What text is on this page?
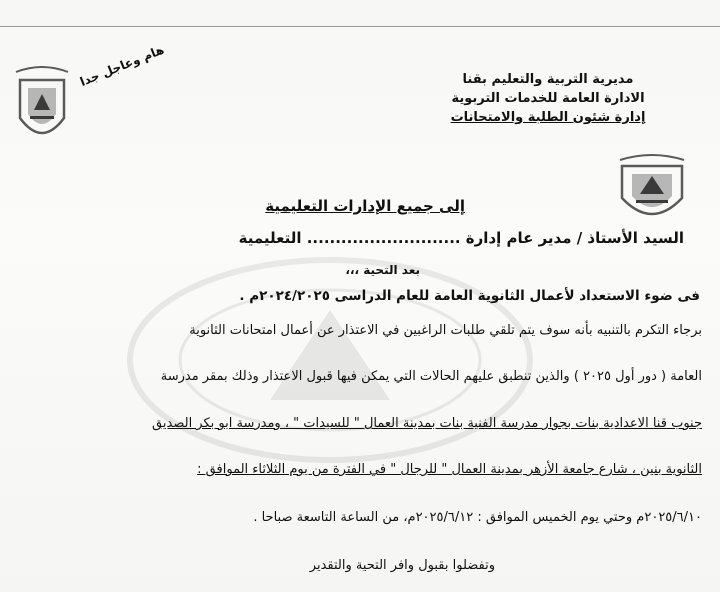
هام وعاجل جدا	مديرية التربية والتعليم بقنا
الادارة العامة للخدمات التربوية
إدارة شئون الطلبة والامتحانات
إلى جميع الإدارات التعليمية
السيد الأستاذ / مدير عام إدارة ........................... التعليمية
بعد التحية ،،،
فى ضوء الاستعداد لأعمال الثانوية العامة للعام الدراسى ٢٠٢٤/٢٠٢٥م .
برجاء التكرم بالتنبيه بأنه سوف يتم تلقي طلبات الراغبين في الاعتذار عن أعمال امتحانات الثانوية
العامة ( دور أول ٢٠٢٥ ) والذين تنطبق عليهم الحالات التي يمكن فيها قبول الاعتذار وذلك بمقر مدرسة
جنوب قنا الاعدادية بنات بجوار مدرسة الفنية بنات بمدينة العمال " للسيدات " ، ومدرسة ابو بكر الصديق
الثانوية بنين ، شارع جامعة الأزهر بمدينة العمال " للرجال " في الفترة من يوم الثلاثاء الموافق :
٢٠٢٥/٦/١٠م وحتي يوم الخميس الموافق : ٢٠٢٥/٦/١٢م، من الساعة التاسعة صباحا .
وتفضلوا بقبول وافر التحية والتقدير
